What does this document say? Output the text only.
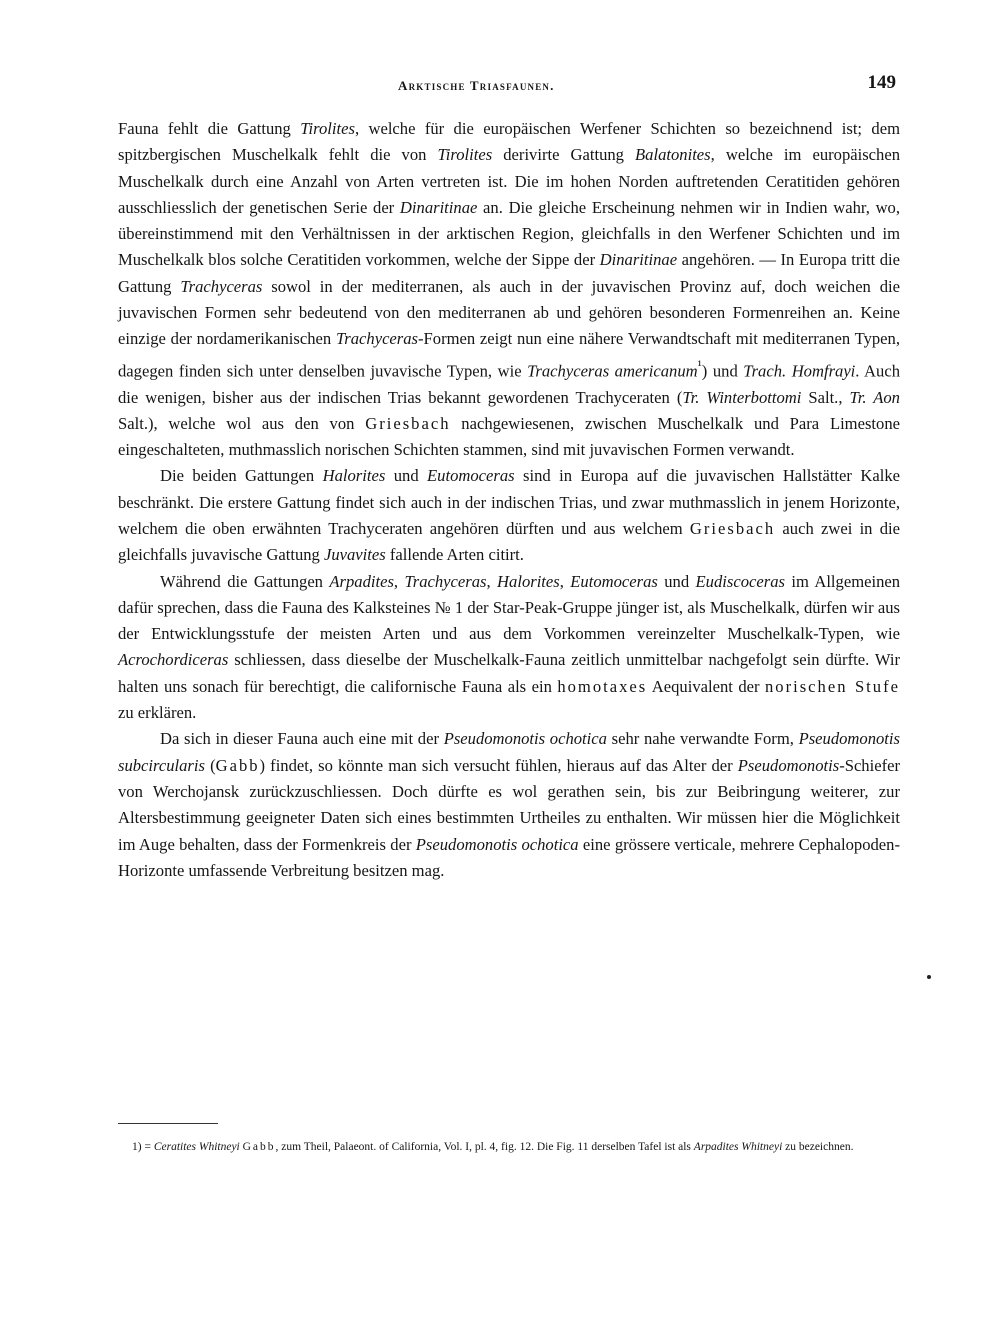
Arktische Triasfaunen.	149

Fauna fehlt die Gattung Tirolites, welche für die europäischen Werfener Schichten so bezeichnend ist; dem spitzbergischen Muschelkalk fehlt die von Tirolites derivirte Gattung Balatonites, welche im europäischen Muschelkalk durch eine Anzahl von Arten vertreten ist. Die im hohen Norden auftretenden Ceratitiden gehören ausschliesslich der genetischen Serie der Dinaritinae an. Die gleiche Erscheinung nehmen wir in Indien wahr, wo, übereinstimmend mit den Verhältnissen in der arktischen Region, gleichfalls in den Werfener Schichten und im Muschelkalk blos solche Ceratitiden vorkommen, welche der Sippe der Dinaritinae angehören. — In Europa tritt die Gattung Trachyceras sowol in der mediterranen, als auch in der juvavischen Provinz auf, doch weichen die juvavischen Formen sehr bedeutend von den mediterranen ab und gehören besonderen Formenreihen an. Keine einzige der nordamerikanischen Trachyceras-Formen zeigt nun eine nähere Verwandtschaft mit mediterranen Typen, dagegen finden sich unter denselben juvavische Typen, wie Trachyceras americanum$^{^1}$) und Trach. Homfrayi. Auch die wenigen, bisher aus der indischen Trias bekannt gewordenen Trachyceraten (Tr. Winterbottomi Salt., Tr. Aon Salt.), welche wol aus den von Griesbach nachgewiesenen, zwischen Muschelkalk und Para Limestone eingeschalteten, muthmasslich norischen Schichten stammen, sind mit juvavischen Formen verwandt.

Die beiden Gattungen Halorites und Eutomoceras sind in Europa auf die juvavischen Hallstätter Kalke beschränkt. Die erstere Gattung findet sich auch in der indischen Trias, und zwar muthmasslich in jenem Horizonte, welchem die oben erwähnten Trachyceraten angehören dürften und aus welchem Griesbach auch zwei in die gleichfalls juvavische Gattung Juvavites fallende Arten citirt.

Während die Gattungen Arpadites, Trachyceras, Halorites, Eutomoceras und Eudiscoceras im Allgemeinen dafür sprechen, dass die Fauna des Kalksteines № 1 der Star-Peak-Gruppe jünger ist, als Muschelkalk, dürfen wir aus der Entwicklungsstufe der meisten Arten und aus dem Vorkommen vereinzelter Muschelkalk-Typen, wie Acrochordiceras schliessen, dass dieselbe der Muschelkalk-Fauna zeitlich unmittelbar nachgefolgt sein dürfte. Wir halten uns sonach für berechtigt, die californische Fauna als ein homotaxes Aequivalent der norischen Stufe zu erklären.

Da sich in dieser Fauna auch eine mit der Pseudomonotis ochotica sehr nahe verwandte Form, Pseudomonotis subcircularis (Gabb) findet, so könnte man sich versucht fühlen, hieraus auf das Alter der Pseudomonotis-Schiefer von Werchojansk zurückzuschliessen. Doch dürfte es wol gerathen sein, bis zur Beibringung weiterer, zur Altersbestimmung geeigneter Daten sich eines bestimmten Urtheiles zu enthalten. Wir müssen hier die Möglichkeit im Auge behalten, dass der Formenkreis der Pseudomonotis ochotica eine grössere verticale, mehrere Cephalopoden-Horizonte umfassende Verbreitung besitzen mag.

1) = Ceratites Whitneyi Gabb, zum Theil, Palaeont. of California, Vol. I, pl. 4, fig. 12. Die Fig. 11 derselben Tafel ist als Arpadites Whitneyi zu bezeichnen.
